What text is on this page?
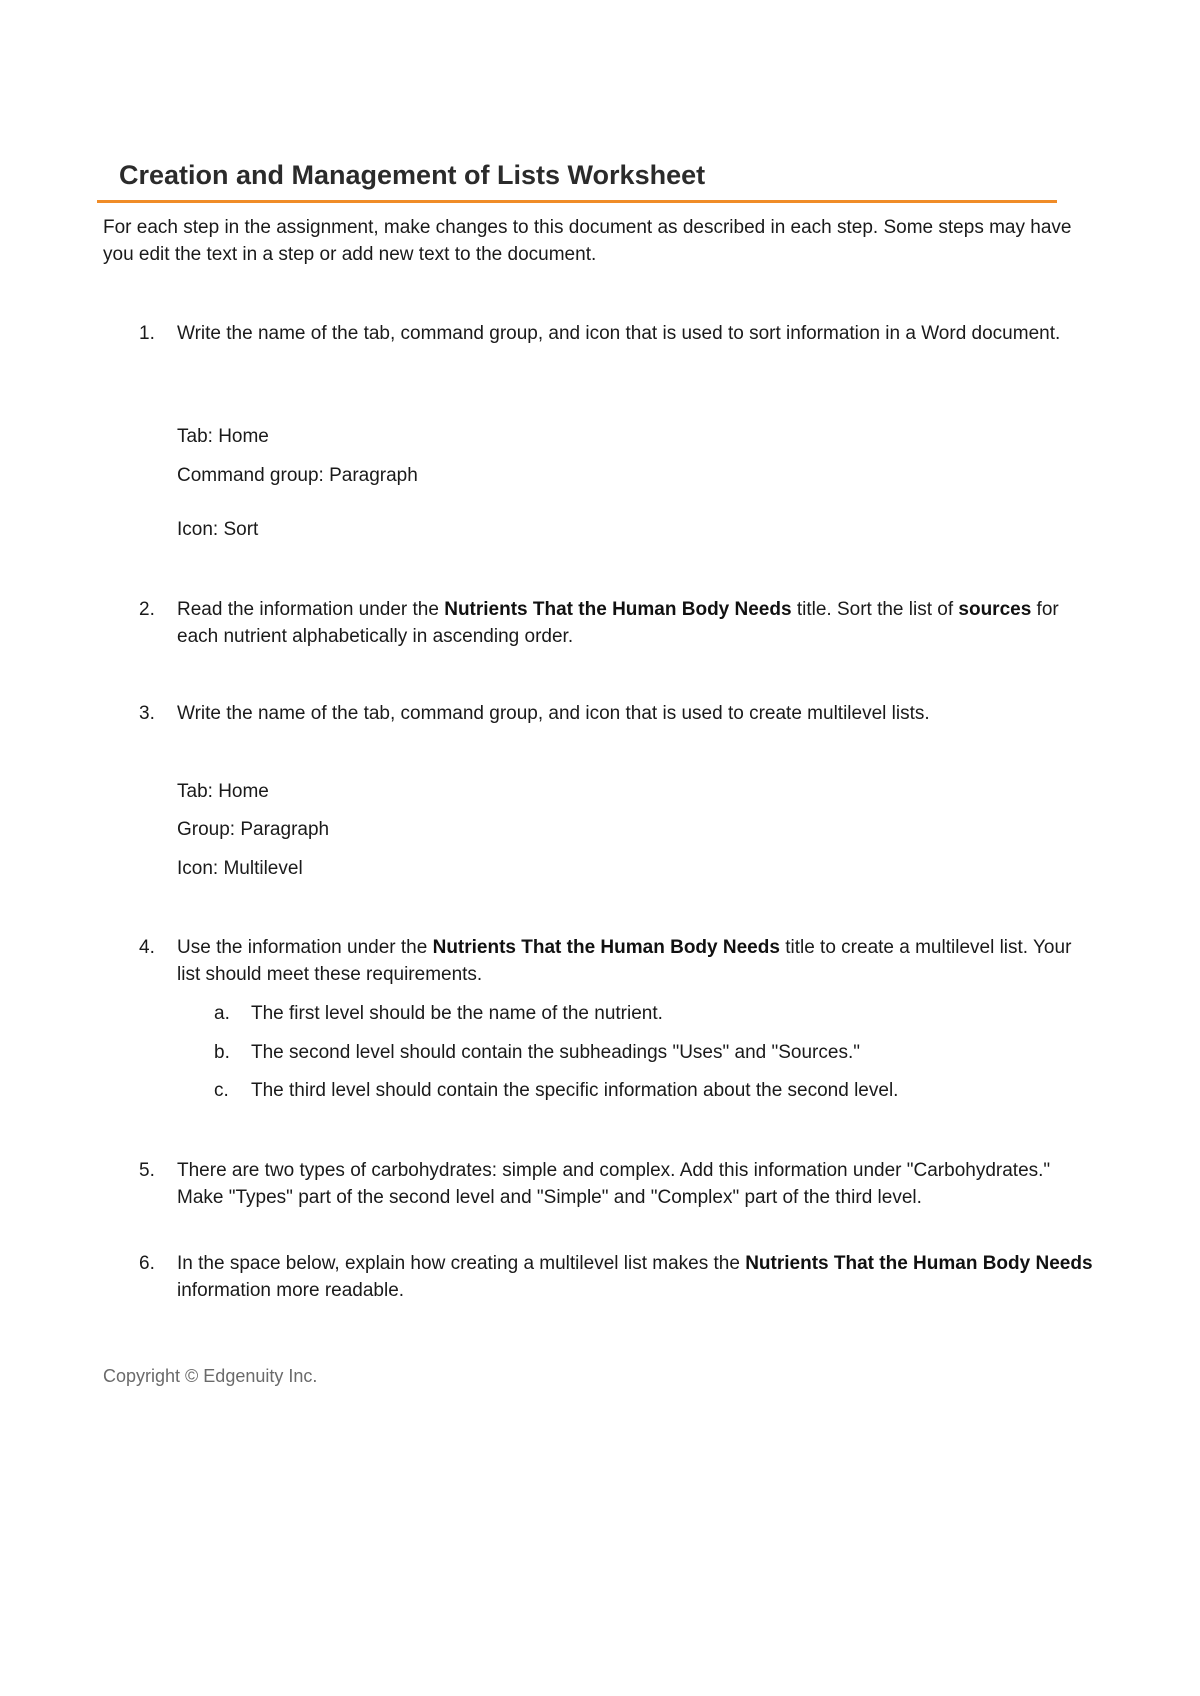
Creation and Management of Lists Worksheet

For each step in the assignment, make changes to this document as described in each step. Some steps may have you edit the text in a step or add new text to the document.

1. Write the name of the tab, command group, and icon that is used to sort information in a Word document.
Tab: Home
Command group: Paragraph
Icon: Sort
2. Read the information under the Nutrients That the Human Body Needs title. Sort the list of sources for each nutrient alphabetically in ascending order.
3. Write the name of the tab, command group, and icon that is used to create multilevel lists.
Tab: Home
Group: Paragraph
Icon: Multilevel
4. Use the information under the Nutrients That the Human Body Needs title to create a multilevel list. Your list should meet these requirements.
a. The first level should be the name of the nutrient.
b. The second level should contain the subheadings "Uses" and "Sources."
c. The third level should contain the specific information about the second level.
5. There are two types of carbohydrates: simple and complex. Add this information under "Carbohydrates." Make "Types" part of the second level and "Simple" and "Complex" part of the third level.
6. In the space below, explain how creating a multilevel list makes the Nutrients That the Human Body Needs information more readable.
Copyright © Edgenuity Inc.
